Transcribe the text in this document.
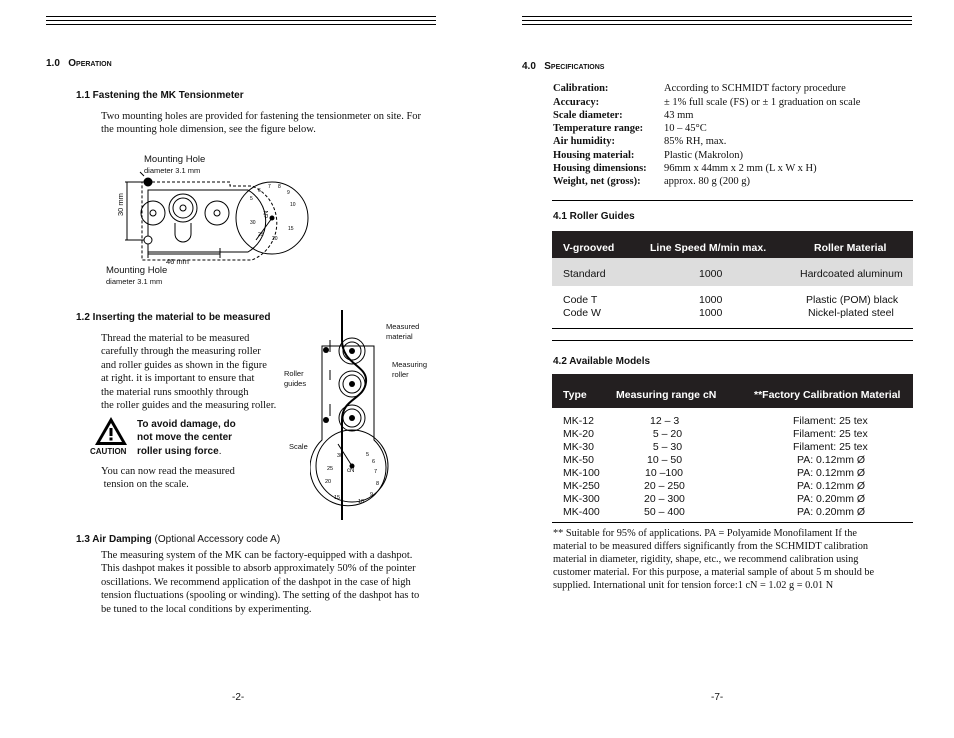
1.0 Operation
1.1 Fastening the MK Tensionmeter
Two mounting holes are provided for fastening the tensionmeter on site. For
the mounting hole dimension, see the figure below.
Mounting Hole
diameter 3.1 mm
Mounting Hole
diameter 3.1 mm
46 mm
30 mm	cN
5
6
7 8
9
10
15
20
25
30
1.2 Inserting the material to be measured
Thread the material to be measured
carefully through the measuring roller
and roller guides as shown in the figure
at right. it is important to ensure that
the material runs smoothly through
the roller guides and the measuring roller.
CAUTION
To avoid damage, do
not move the center
roller using force.
You can now read the measured
tension on the scale.
Measured
material
Measuring
roller
Roller
guides
Scale
cN
30	5
6
25	7
20	8
15	9
10
1.3 Air Damping (Optional Accessory code A)
The measuring system of the MK can be factory-equipped with a dashpot.
This dashpot makes it possible to absorb approximately 50% of the pointer
oscillations. We recommend application of the dashpot in the case of high
tension fluctuations (spooling or winding). The setting of the dashpot has to
be tuned to the local conditions by experimenting.
-2-
4.0 Specifications
Calibration:	According to SCHMIDT factory procedure
Accuracy:	± 1% full scale (FS) or ± 1 graduation on scale
Scale diameter:	43 mm
Temperature range: 10 – 45°C
Air humidity:	85% RH, max.
Housing material:	Plastic (Makrolon)
Housing dimensions: 96mm x 44mm x 2 mm (L x W x H)
Weight, net (gross): approx. 80 g (200 g)
4.1 Roller Guides
V-grooved	Line Speed M/min max.	Roller Material
Standard	1000	Hardcoated aluminum
Code T	1000	Plastic (POM) black
Code W	1000	Nickel-plated steel
4.2 Available Models
Type	Measuring range cN	**Factory Calibration Material
MK-12	12 – 3	Filament: 25 tex
MK-20	5 – 20	Filament: 25 tex
MK-30	5 – 30	Filament: 25 tex
MK-50	10 – 50	PA: 0.12mm Ø
MK-100	10 –100	PA: 0.12mm Ø
MK-250	20 – 250	PA: 0.12mm Ø
MK-300	20 – 300	PA: 0.20mm Ø
MK-400	50 – 400	PA: 0.20mm Ø
** Suitable for 95% of applications. PA = Polyamide Monofilament If the
material to be measured differs significantly from the SCHMIDT calibration
material in diameter, rigidity, shape, etc., we recommend calibration using
customer material. For this purpose, a material sample of about 5 m should be
supplied. International unit for tension force:1 cN = 1.02 g = 0.01 N
-7-
